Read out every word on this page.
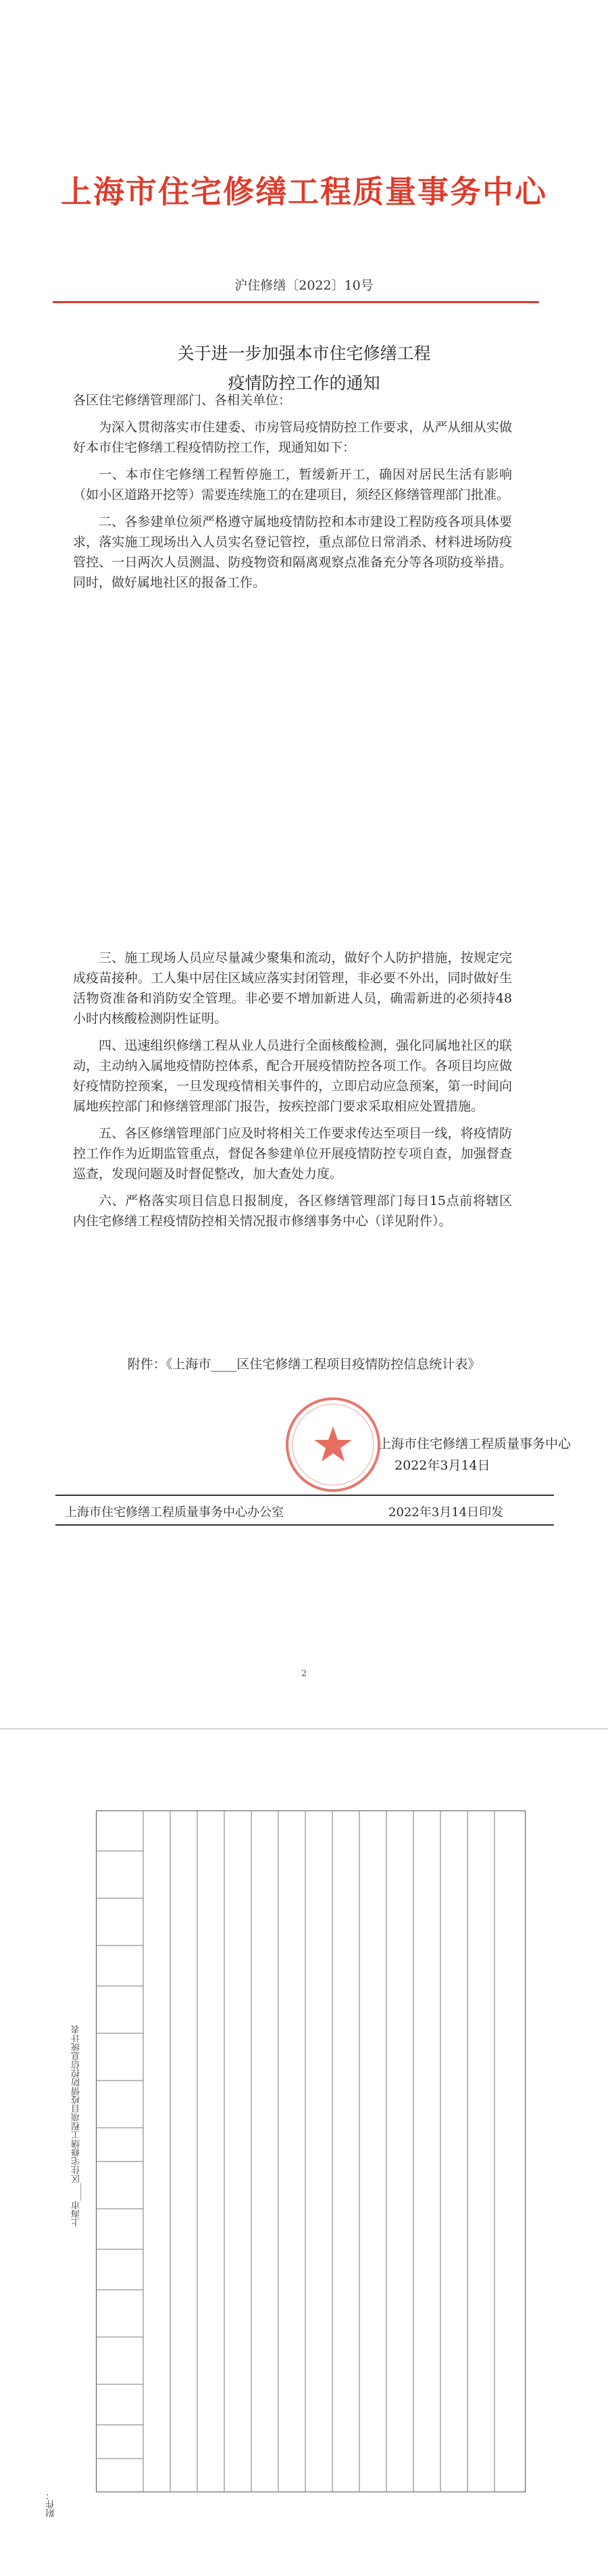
上海市住宅修缮工程质量事务中心
沪住修缮〔2022〕10号
关于进一步加强本市住宅修缮工程
疫情防控工作的通知

各区住宅修缮管理部门、各相关单位：

为深入贯彻落实市住建委、市房管局疫情防控工作要求，从严从细从实做好本市住宅修缮工程疫情防控工作，现通知如下：

一、本市住宅修缮工程暂停施工，暂缓新开工，确因对居民生活有影响（如小区道路开挖等）需要连续施工的在建项目，须经区修缮管理部门批准。

二、各参建单位须严格遵守属地疫情防控和本市建设工程防疫各项具体要求，落实施工现场出入人员实名登记管控，重点部位日常消杀、材料进场防疫管控、一日两次人员测温、防疫物资和隔离观察点准备充分等各项防疫举措。同时，做好属地社区的报备工作。

三、施工现场人员应尽量减少聚集和流动，做好个人防护措施，按规定完成疫苗接种。工人集中居住区域应落实封闭管理，非必要不外出，同时做好生活物资准备和消防安全管理。非必要不增加新进人员，确需新进的必须持48小时内核酸检测阴性证明。

四、迅速组织修缮工程从业人员进行全面核酸检测，强化同属地社区的联动，主动纳入属地疫情防控体系，配合开展疫情防控各项工作。各项目均应做好疫情防控预案，一旦发现疫情相关事件的，立即启动应急预案，第一时间向属地疾控部门和修缮管理部门报告，按疾控部门要求采取相应处置措施。

五、各区修缮管理部门应及时将相关工作要求传达至项目一线，将疫情防控工作作为近期监管重点，督促各参建单位开展疫情防控专项自查，加强督查巡查，发现问题及时督促整改，加大查处力度。

六、严格落实项目信息日报制度，各区修缮管理部门每日15点前将辖区内住宅修缮工程疫情防控相关情况报市修缮事务中心（详见附件）。

附件：《上海市____区住宅修缮工程项目疫情防控信息统计表》
上海市住宅修缮工程质量事务中心
2022年3月14日
上海市住宅修缮工程质量事务中心办公室	2022年3月14日印发
2
附件：
上海市____区住宅修缮工程项目疫情防控信息统计表
